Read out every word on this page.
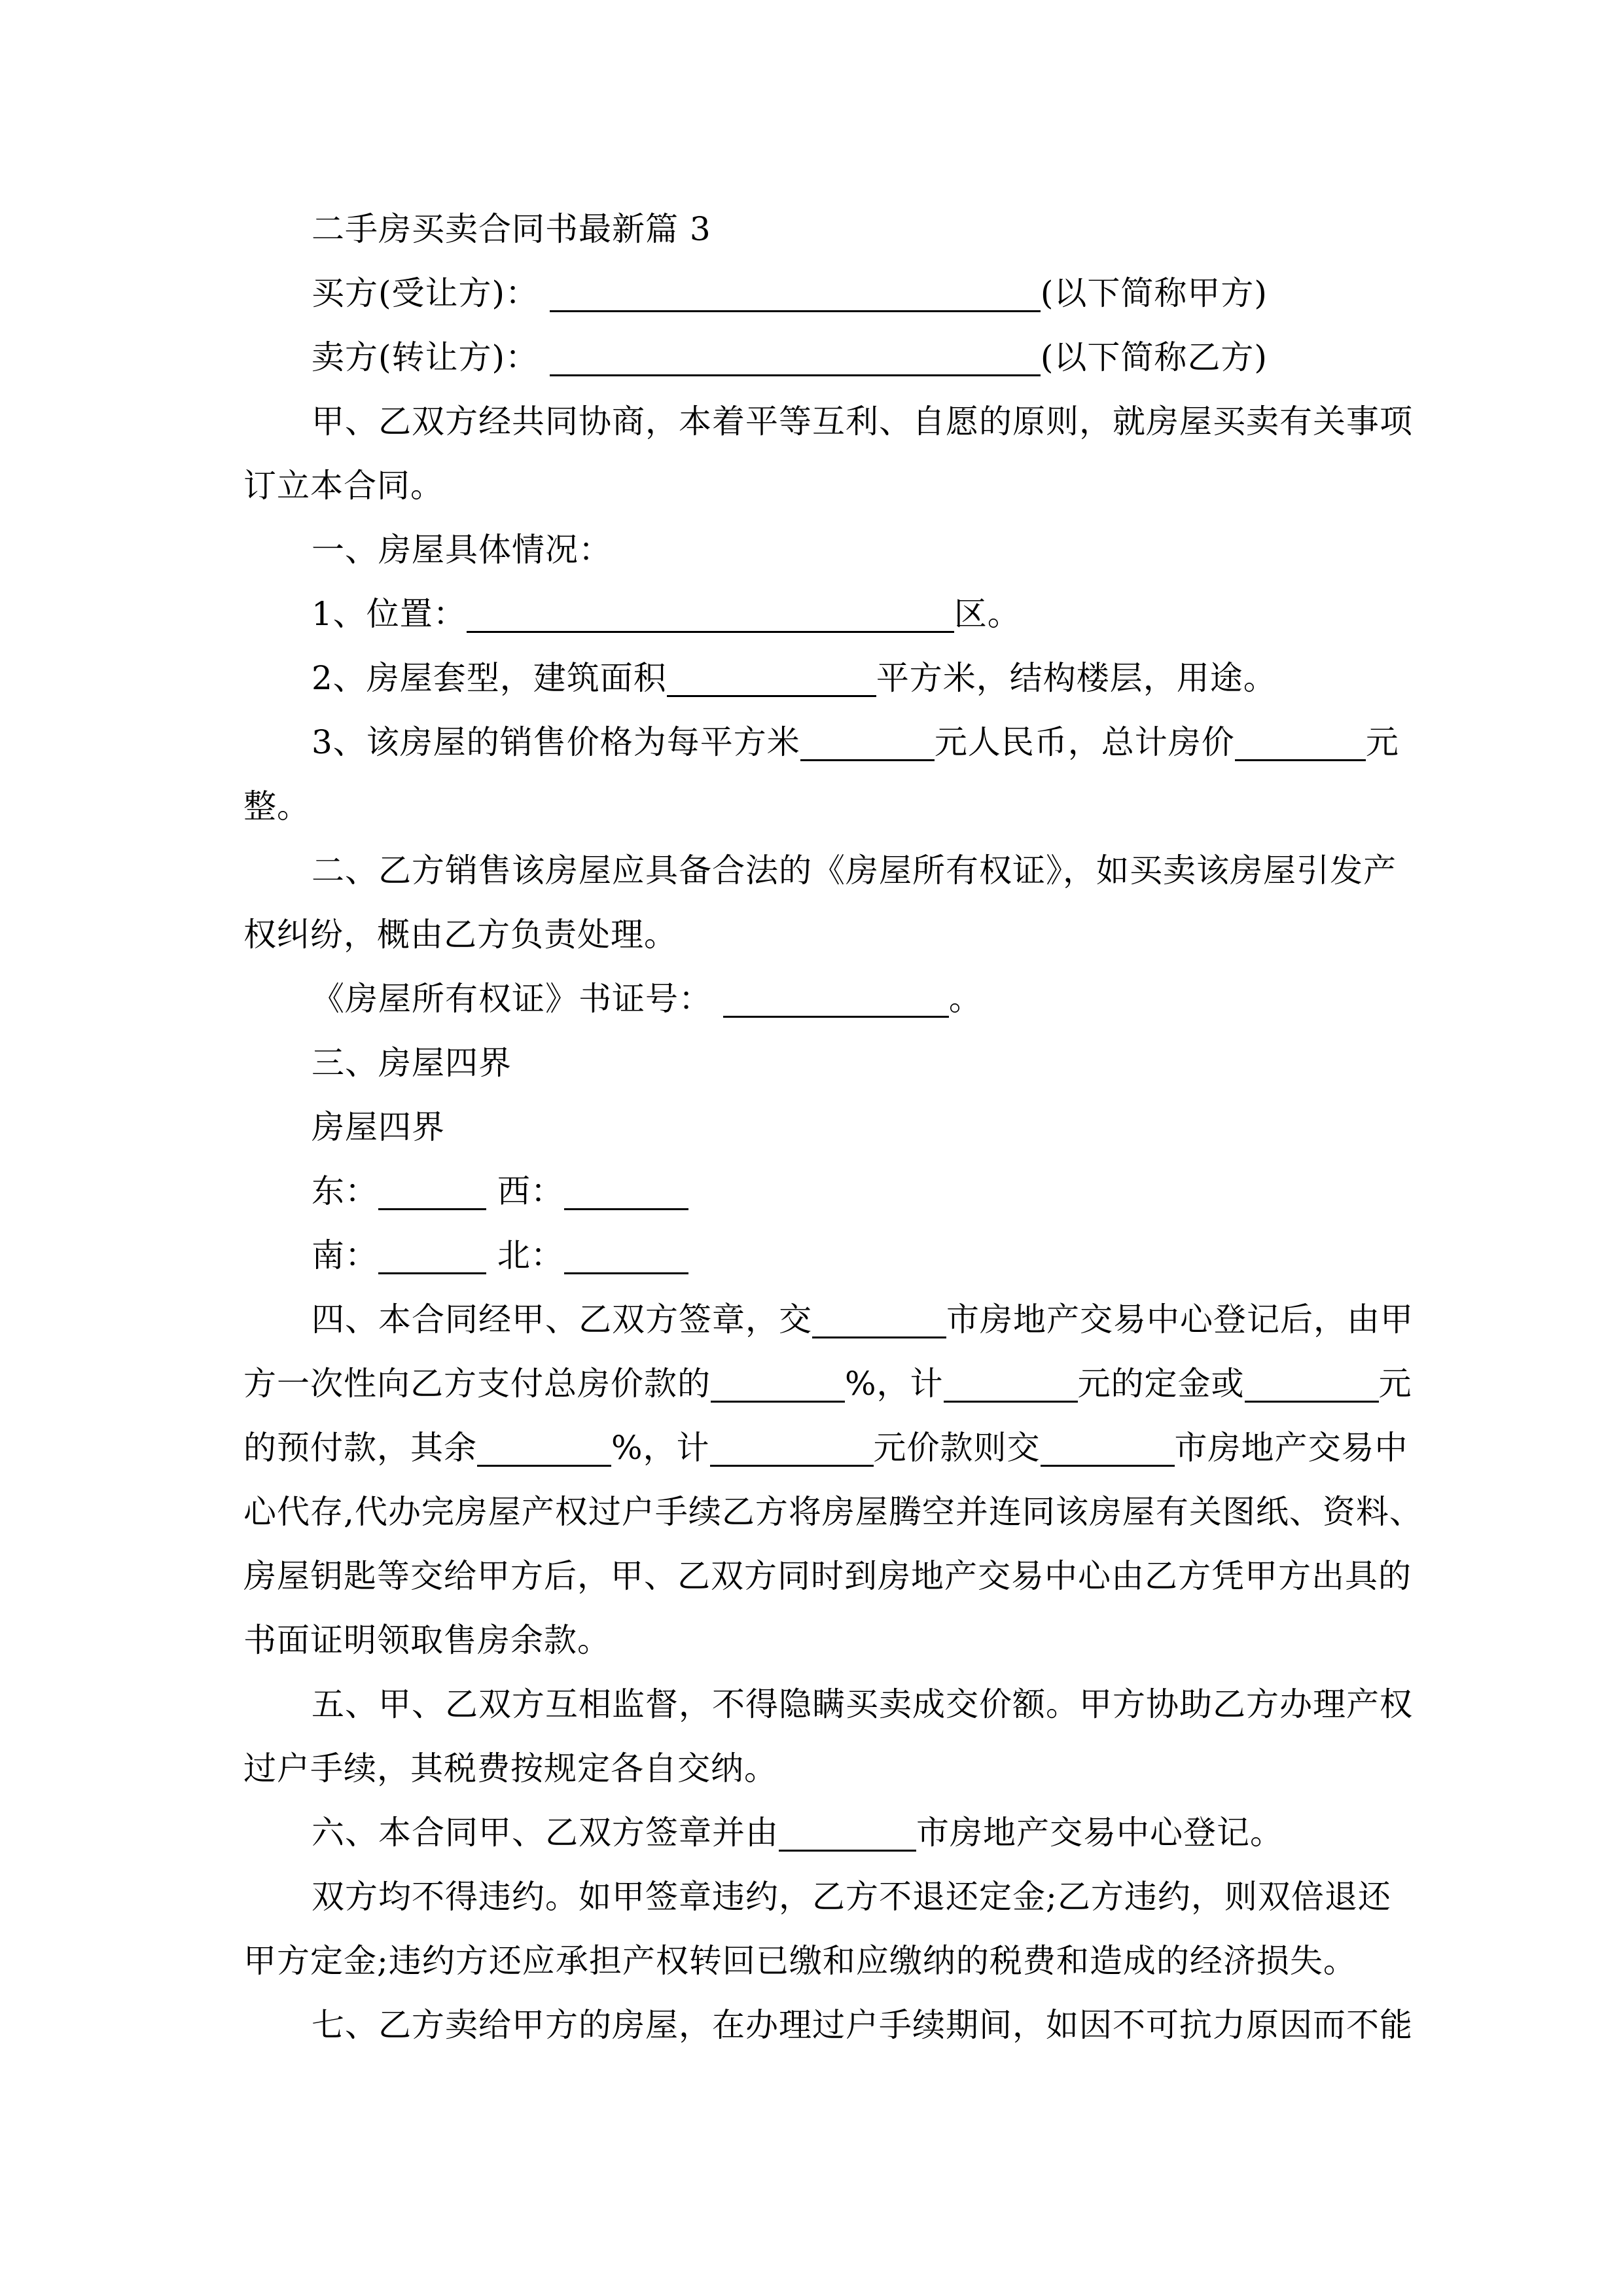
二手房买卖合同书最新篇 3

买方(受让方)：	(以下简称甲方)

卖方(转让方)：	(以下简称乙方)

甲、乙双方经共同协商，本着平等互利、自愿的原则，就房屋买卖有关事项

订立本合同。

一、房屋具体情况：

1、位置：	区。

2、房屋套型，建筑面积	平方米，结构楼层，用途。

3、该房屋的销售价格为每平方米	元人民币，总计房价	元

整。

二、乙方销售该房屋应具备合法的《房屋所有权证》，如买卖该房屋引发产

权纠纷，概由乙方负责处理。

《房屋所有权证》书证号：	。

三、房屋四界

房屋四界

东：	西：

南：	北：

四、本合同经甲、乙双方签章，交	市房地产交易中心登记后，由甲

方一次性向乙方支付总房价款的	%，计	元的定金或	元

的预付款，其余	%，计	元价款则交	市房地产交易中

心代存,代办完房屋产权过户手续乙方将房屋腾空并连同该房屋有关图纸、资料、

房屋钥匙等交给甲方后，甲、乙双方同时到房地产交易中心由乙方凭甲方出具的

书面证明领取售房余款。

五、甲、乙双方互相监督，不得隐瞒买卖成交价额。甲方协助乙方办理产权

过户手续，其税费按规定各自交纳。

六、本合同甲、乙双方签章并由	市房地产交易中心登记。

双方均不得违约。如甲签章违约，乙方不退还定金;乙方违约，则双倍退还

甲方定金;违约方还应承担产权转回已缴和应缴纳的税费和造成的经济损失。

七、乙方卖给甲方的房屋，在办理过户手续期间，如因不可抗力原因而不能
